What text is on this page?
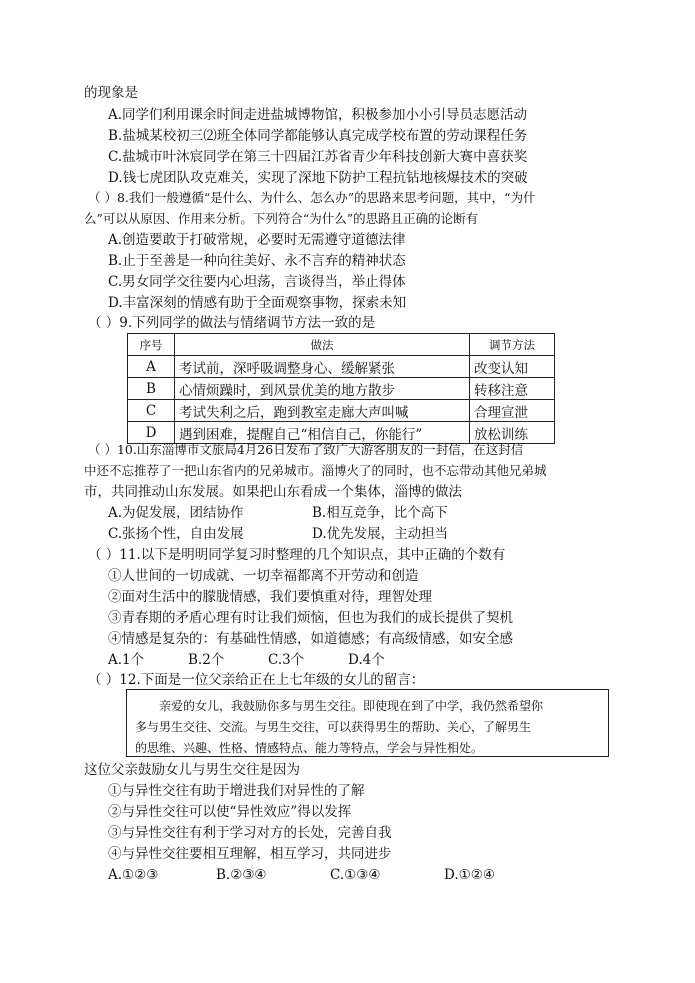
的现象是
A.同学们利用课余时间走进盐城博物馆，积极参加小小引导员志愿活动
B.盐城某校初三⑵班全体同学都能够认真完成学校布置的劳动课程任务
C.盐城市叶沐宸同学在第三十四届江苏省青少年科技创新大赛中喜获奖
D.钱七虎团队攻克难关，实现了深地下防护工程抗钻地核爆技术的突破
（ ）8.我们一般遵循“是什么、为什么、怎么办”的思路来思考问题，其中，“为什
么”可以从原因、作用来分析。下列符合“为什么”的思路且正确的论断有
A.创造要敢于打破常规，必要时无需遵守道德法律
B.止于至善是一种向往美好、永不言弃的精神状态
C.男女同学交往要内心坦荡，言谈得当，举止得体
D.丰富深刻的情感有助于全面观察事物，探索未知
（ ）9.下列同学的做法与情绪调节方法一致的是
序号	做法	调节方法
A	考试前，深呼吸调整身心、缓解紧张	改变认知
B	心情烦躁时，到风景优美的地方散步	转移注意
C	考试失利之后，跑到教室走廊大声叫喊	合理宣泄
D	遇到困难，提醒自己“相信自己，你能行”	放松训练
（ ）10.山东淄博市文旅局4月26日发布了致广大游客朋友的一封信，在这封信
中还不忘推荐了一把山东省内的兄弟城市。淄博火了的同时，也不忘带动其他兄弟城
市，共同推动山东发展。如果把山东看成一个集体，淄博的做法
A.为促发展，团结协作	B.相互竞争，比个高下
C.张扬个性，自由发展	D.优先发展，主动担当
（ ）11.以下是明明同学复习时整理的几个知识点，其中正确的个数有
①人世间的一切成就、一切幸福都离不开劳动和创造
②面对生活中的朦胧情感，我们要慎重对待，理智处理
③青春期的矛盾心理有时让我们烦恼，但也为我们的成长提供了契机
④情感是复杂的：有基础性情感，如道德感；有高级情感，如安全感
A.1个	B.2个	C.3个	D.4个
（ ）12.下面是一位父亲给正在上七年级的女儿的留言：
亲爱的女儿，我鼓励你多与男生交往。即使现在到了中学，我仍然希望你
多与男生交往、交流。与男生交往，可以获得男生的帮助、关心，了解男生
的思维、兴趣、性格、情感特点、能力等特点，学会与异性相处。
这位父亲鼓励女儿与男生交往是因为
①与异性交往有助于增进我们对异性的了解
②与异性交往可以使“异性效应”得以发挥
③与异性交往有利于学习对方的长处，完善自我
④与异性交往要相互理解，相互学习，共同进步
A.①②③	B.②③④	C.①③④	D.①②④
